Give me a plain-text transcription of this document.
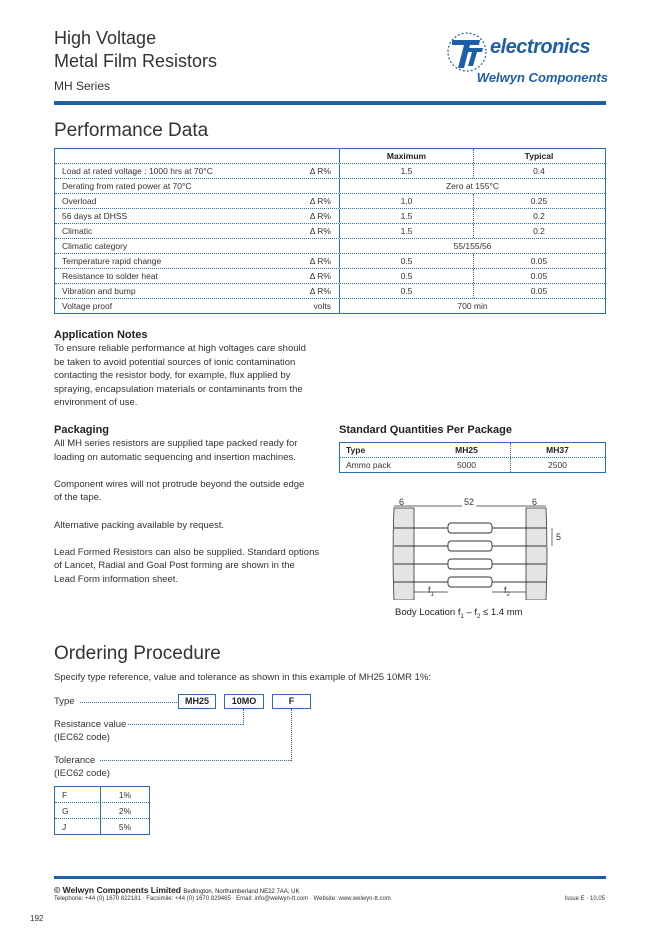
High Voltage
Metal Film Resistors
MH Series
electronics
Welwyn Components
Performance Data
Maximum	Typical
Load at rated voltage : 1000 hrs at 70°C	Δ R%	1.5	0.4
Derating from rated power at 70°C	Zero at 155°C
Overload	Δ R%	1.0	0.25
56 days at DHSS	Δ R%	1.5	0.2
Climatic	Δ R%	1.5	0.2
Climatic category	55/155/56
Temperature rapid change	Δ R%	0.5	0.05
Resistance to solder heat	Δ R%	0.5	0.05
Vibration and bump	Δ R%	0.5	0.05
Voltage proof	volts	700 min
Application Notes
To ensure reliable performance at high voltages care should
be taken to avoid potential sources of ionic contamination
contacting the resistor body, for example, flux applied by
spraying, encapsulation materials or contaminants from the
environment of use.
Packaging
All MH series resistors are supplied tape packed ready for
loading on automatic sequencing and insertion machines.
Component wires will not protrude beyond the outside edge
of the tape.
Alternative packing available by request.
Lead Formed Resistors can also be supplied. Standard options
of Lancet, Radial and Goal Post forming are shown in the
Lead Form information sheet.
Standard Quantities Per Package
Type	MH25	MH37
Ammo pack	5000	2500
6	52	6
5
$f_1$	$f_2$
Body Location $f_1 - f_2 \le 1.4$ mm
Ordering Procedure
Specify type reference, value and tolerance as shown in this example of MH25 10MR 1%:
Type	MH25	10MO	F
Resistance value
(IEC62 code)
Tolerance
(IEC62 code)
F	1%
G	2%
J	5%
© Welwyn Components Limited Bedlington, Northumberland NE22 7AA, UK
Telephone: +44 (0) 1670 822181 · Facsimile: +44 (0) 1670 829465 · Email: info@welwyn-tt.com · Website: www.welwyn-tt.com	Issue E · 10.05
192
